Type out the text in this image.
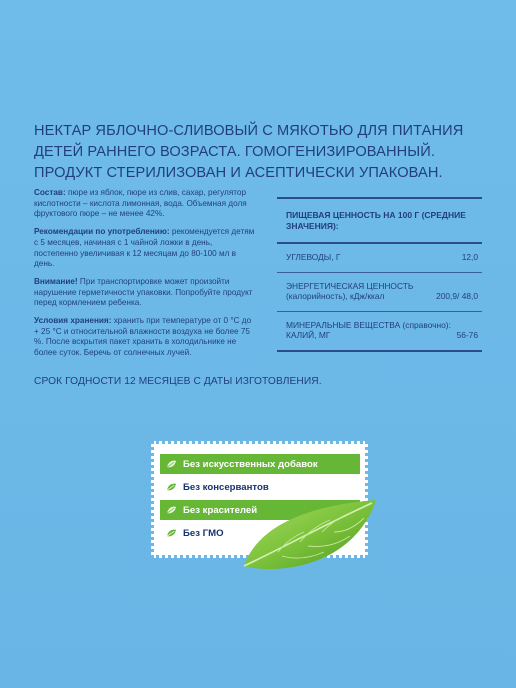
НЕКТАР ЯБЛОЧНО-СЛИВОВЫЙ С МЯКОТЬЮ ДЛЯ ПИТАНИЯ ДЕТЕЙ РАННЕГО ВОЗРАСТА. ГОМОГЕНИЗИРОВАННЫЙ. ПРОДУКТ СТЕРИЛИЗОВАН И АСЕПТИЧЕСКИ УПАКОВАН.

Состав: пюре из яблок, пюре из слив, сахар, регулятор кислотности – кислота лимонная, вода. Объемная доля фруктового пюре – не менее 42%.

Рекомендации по употреблению: рекомендуется детям с 5 месяцев, начиная с 1 чайной ложки в день, постепенно увеличивая к 12 месяцам до 80-100 мл в день.

Внимание! При транспортировке может произойти нарушение герметичности упаковки. Попробуйте продукт перед кормлением ребенка.

Условия хранения: хранить при температуре от 0 °С до + 25 °С и относительной влажности воздуха не более 75 %. После вскрытия пакет хранить в холодильнике не более суток. Беречь от солнечных лучей.

СРОК ГОДНОСТИ 12 МЕСЯЦЕВ С ДАТЫ ИЗГОТОВЛЕНИЯ.
ПИЩЕВАЯ ЦЕННОСТЬ НА 100 Г (СРЕДНИЕ ЗНАЧЕНИЯ):
УГЛЕВОДЫ, Г	12,0
ЭНЕРГЕТИЧЕСКАЯ ЦЕННОСТЬ
(калорийность), кДж/ккал	200,9/ 48,0
МИНЕРАЛЬНЫЕ ВЕЩЕСТВА (справочно):
КАЛИЙ, МГ	56-76
Без искусственных добавок
Без консервантов
Без красителей
Без ГМО
